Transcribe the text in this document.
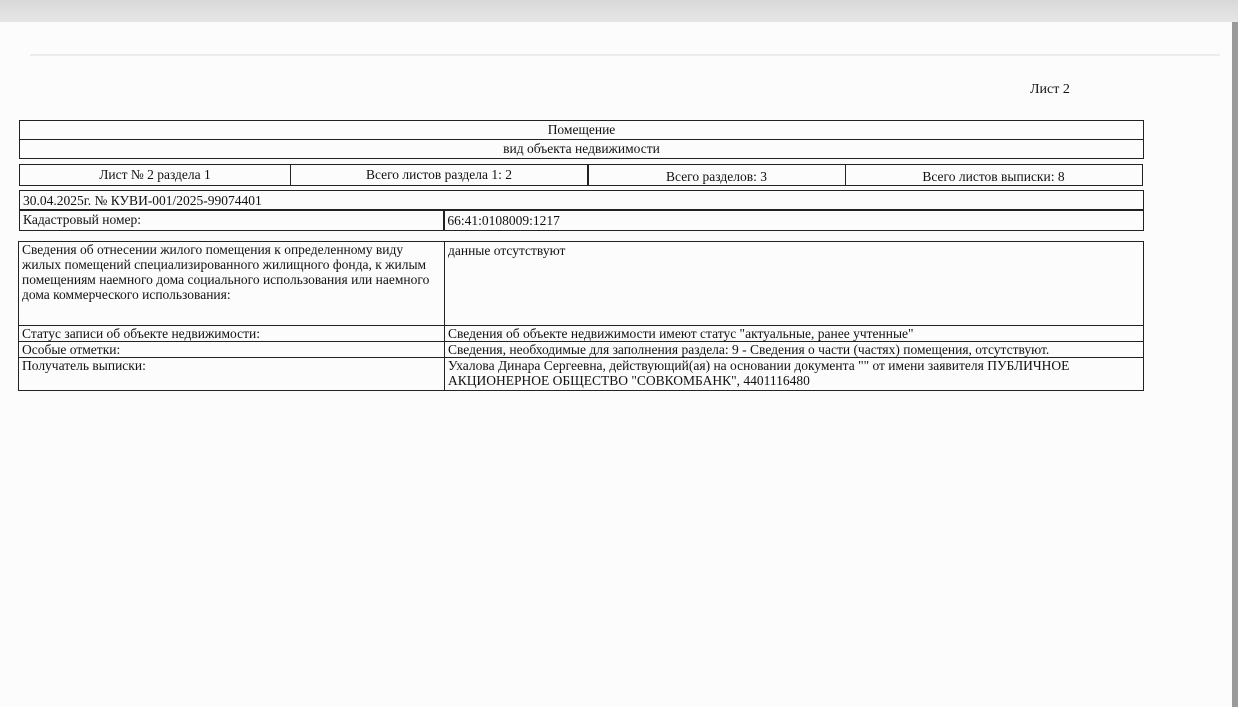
Лист 2
Помещение
вид объекта недвижимости
Лист № 2 раздела 1	Всего листов раздела 1: 2	Всего разделов: 3	Всего листов выписки: 8
30.04.2025г. № КУВИ-001/2025-99074401
Кадастровый номер:	66:41:0108009:1217
Сведения об отнесении жилого помещения к определенному виду жилых помещений специализированного жилищного фонда, к жилым помещениям наемного дома социального использования или наемного дома коммерческого использования:	данные отсутствуют
Статус записи об объекте недвижимости:	Сведения об объекте недвижимости имеют статус "актуальные, ранее учтенные"
Особые отметки:	Сведения, необходимые для заполнения раздела: 9 - Сведения о части (частях) помещения, отсутствуют.
Получатель выписки:	Ухалова Динара Сергеевна, действующий(ая) на основании документа "" от имени заявителя ПУБЛИЧНОЕ АКЦИОНЕРНОЕ ОБЩЕСТВО "СОВКОМБАНК", 4401116480
